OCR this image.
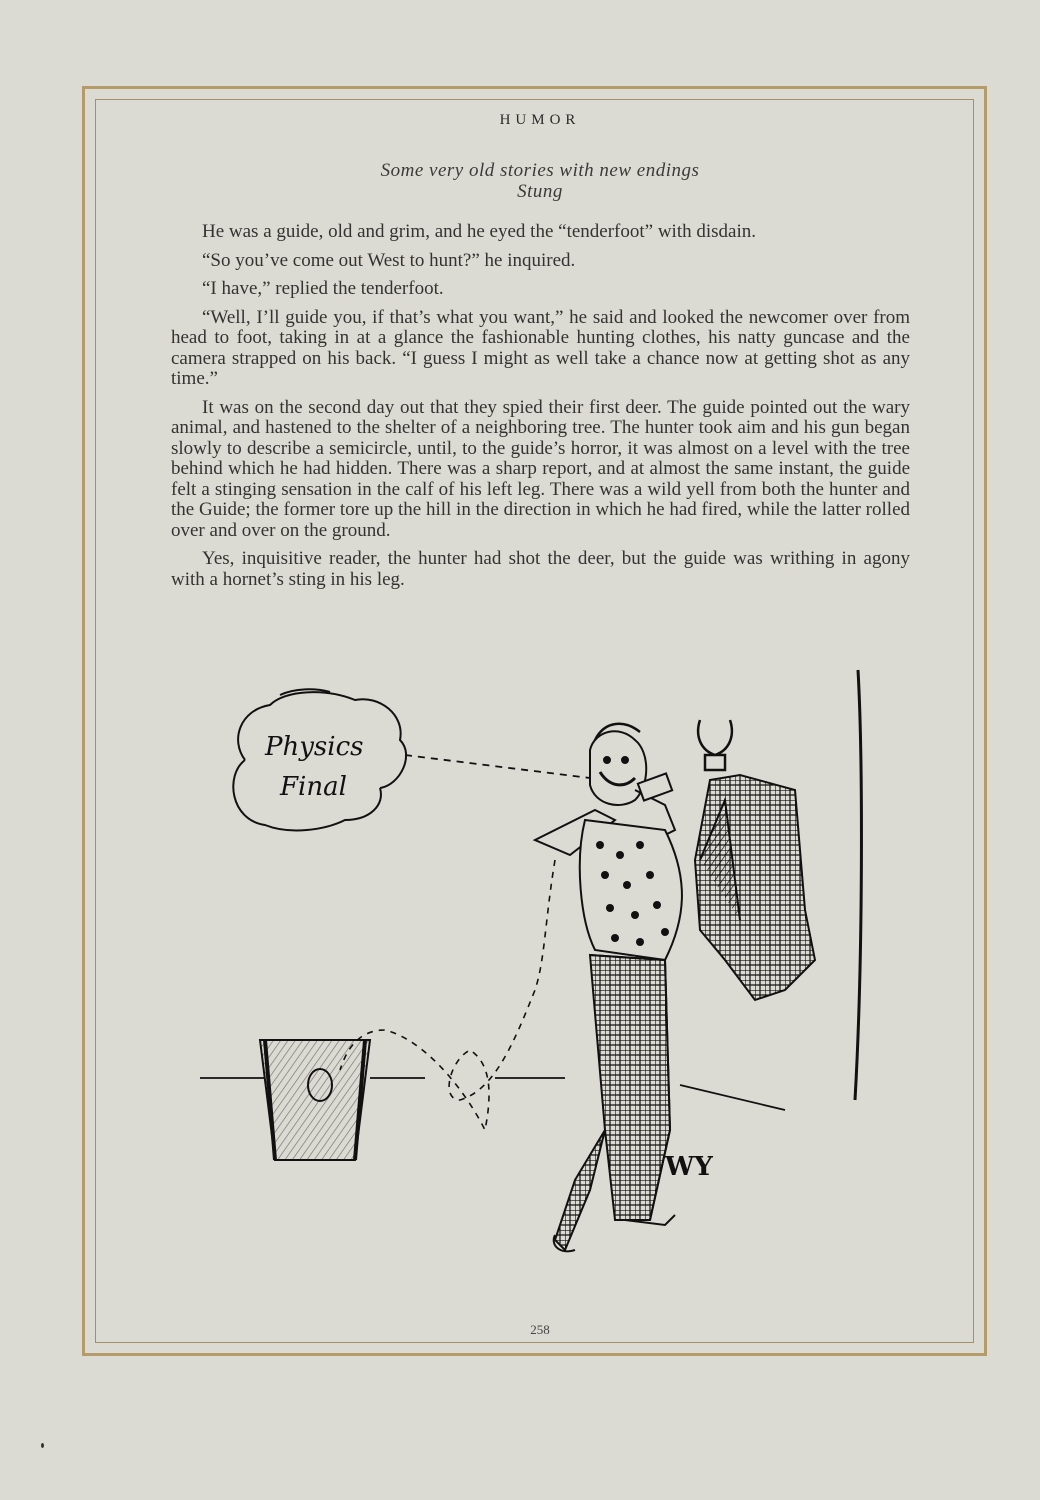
HUMOR
Some very old stories with new endings
Stung

He was a guide, old and grim, and he eyed the “tenderfoot” with disdain.

“So you’ve come out West to hunt?” he inquired.

“I have,” replied the tenderfoot.

“Well, I’ll guide you, if that’s what you want,” he said and looked the newcomer over from head to foot, taking in at a glance the fashionable hunting clothes, his natty guncase and the camera strapped on his back. “I guess I might as well take a chance now at getting shot as any time.”

It was on the second day out that they spied their first deer. The guide pointed out the wary animal, and hastened to the shelter of a neighboring tree. The hunter took aim and his gun began slowly to describe a semicircle, until, to the guide’s horror, it was almost on a level with the tree behind which he had hidden. There was a sharp report, and at almost the same instant, the guide felt a stinging sensation in the calf of his left leg. There was a wild yell from both the hunter and the Guide; the former tore up the hill in the direction in which he had fired, while the latter rolled over and over on the ground.

Yes, inquisitive reader, the hunter had shot the deer, but the guide was writhing in agony with a hornet’s sting in his leg.

Physics
Final
WY
258
